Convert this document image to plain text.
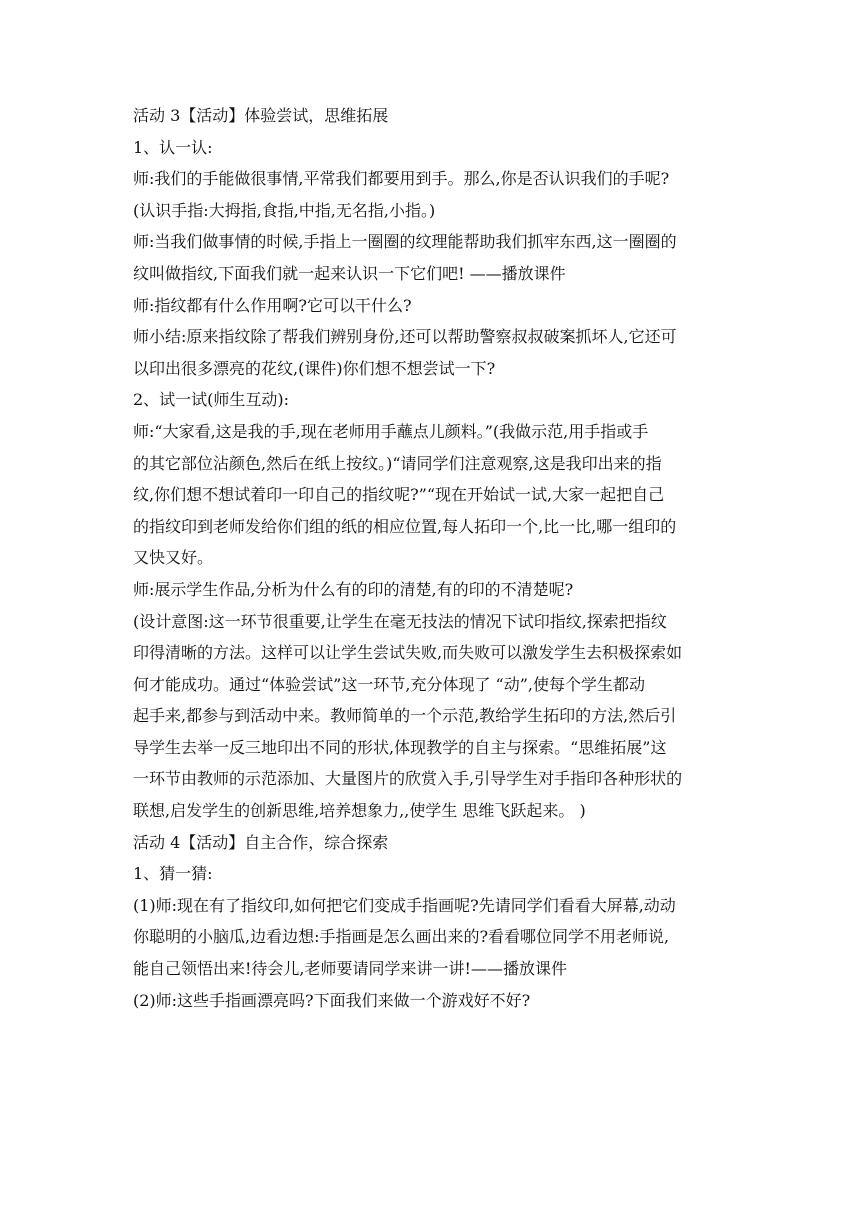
活动 3【活动】体验尝试，思维拓展
1、认一认:
师:我们的手能做很事情,平常我们都要用到手。那么,你是否认识我们的手呢?
(认识手指:大拇指,食指,中指,无名指,小指。)
师:当我们做事情的时候,手指上一圈圈的纹理能帮助我们抓牢东西,这一圈圈的
纹叫做指纹,下面我们就一起来认识一下它们吧! ——播放课件
师:指纹都有什么作用啊?它可以干什么?
师小结:原来指纹除了帮我们辨别身份,还可以帮助警察叔叔破案抓坏人,它还可
以印出很多漂亮的花纹,(课件)你们想不想尝试一下?
2、试一试(师生互动):
师:“大家看,这是我的手,现在老师用手蘸点儿颜料。”(我做示范,用手指或手
的其它部位沾颜色,然后在纸上按纹。)“请同学们注意观察,这是我印出来的指
纹,你们想不想试着印一印自己的指纹呢?”“现在开始试一试,大家一起把自己
的指纹印到老师发给你们组的纸的相应位置,每人拓印一个,比一比,哪一组印的
又快又好。
师:展示学生作品,分析为什么有的印的清楚,有的印的不清楚呢?
(设计意图:这一环节很重要,让学生在毫无技法的情况下试印指纹,探索把指纹
印得清晰的方法。这样可以让学生尝试失败,而失败可以激发学生去积极探索如
何才能成功。通过“体验尝试”这一环节,充分体现了 “动”,使每个学生都动
起手来,都参与到活动中来。教师简单的一个示范,教给学生拓印的方法,然后引
导学生去举一反三地印出不同的形状,体现教学的自主与探索。“思维拓展”这
一环节由教师的示范添加、大量图片的欣赏入手,引导学生对手指印各种形状的
联想,启发学生的创新思维,培养想象力,,使学生 思维飞跃起来。 )
活动 4【活动】自主合作，综合探索
1、猜一猜:
(1)师:现在有了指纹印,如何把它们变成手指画呢?先请同学们看看大屏幕,动动
你聪明的小脑瓜,边看边想:手指画是怎么画出来的?看看哪位同学不用老师说,
能自己领悟出来!待会儿,老师要请同学来讲一讲!——播放课件
(2)师:这些手指画漂亮吗?下面我们来做一个游戏好不好?
